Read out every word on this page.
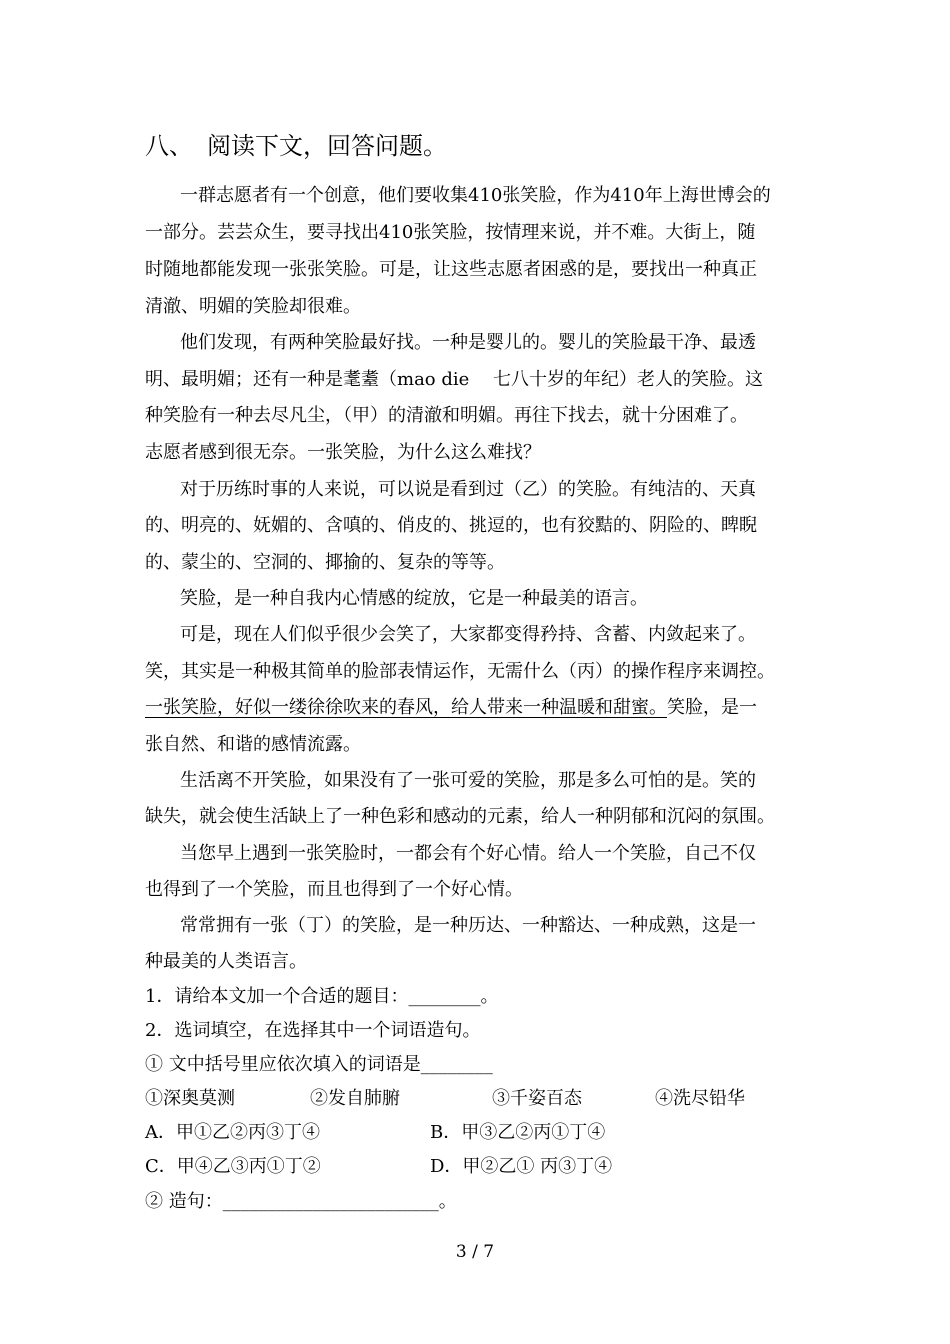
八、 阅读下文，回答问题。
一群志愿者有一个创意，他们要收集410张笑脸，作为410年上海世博会的
一部分。芸芸众生，要寻找出410张笑脸，按情理来说，并不难。大街上，随
时随地都能发现一张张笑脸。可是，让这些志愿者困惑的是，要找出一种真正
清澈、明媚的笑脸却很难。
他们发现，有两种笑脸最好找。一种是婴儿的。婴儿的笑脸最干净、最透
明、最明媚；还有一种是耄耋（mao die　 七八十岁的年纪）老人的笑脸。这
种笑脸有一种去尽凡尘，（甲）的清澈和明媚。再往下找去，就十分困难了。
志愿者感到很无奈。一张笑脸，为什么这么难找？
对于历练时事的人来说，可以说是看到过（乙）的笑脸。有纯洁的、天真
的、明亮的、妩媚的、含嗔的、俏皮的、挑逗的，也有狡黠的、阴险的、睥睨
的、蒙尘的、空洞的、揶揄的、复杂的等等。
笑脸，是一种自我内心情感的绽放，它是一种最美的语言。
可是，现在人们似乎很少会笑了，大家都变得矜持、含蓄、内敛起来了。
笑，其实是一种极其简单的脸部表情运作，无需什么（丙）的操作程序来调控。
一张笑脸，好似一缕徐徐吹来的春风，给人带来一种温暖和甜蜜。笑脸，是一
张自然、和谐的感情流露。
生活离不开笑脸，如果没有了一张可爱的笑脸，那是多么可怕的是。笑的
缺失，就会使生活缺上了一种色彩和感动的元素，给人一种阴郁和沉闷的氛围。
当您早上遇到一张笑脸时，一都会有个好心情。给人一个笑脸，自己不仅
也得到了一个笑脸，而且也得到了一个好心情。
常常拥有一张（丁）的笑脸，是一种历达、一种豁达、一种成熟，这是一
种最美的人类语言。
1．请给本文加一个合适的题目：________。
2．选词填空，在选择其中一个词语造句。
① 文中括号里应依次填入的词语是________
①深奥莫测	②发自肺腑	③千姿百态	④洗尽铅华
A．甲①乙②丙③丁④	B．甲③乙②丙①丁④
C．甲④乙③丙①丁②	D．甲②乙① 丙③丁④
② 造句：________________________。
3 / 7
